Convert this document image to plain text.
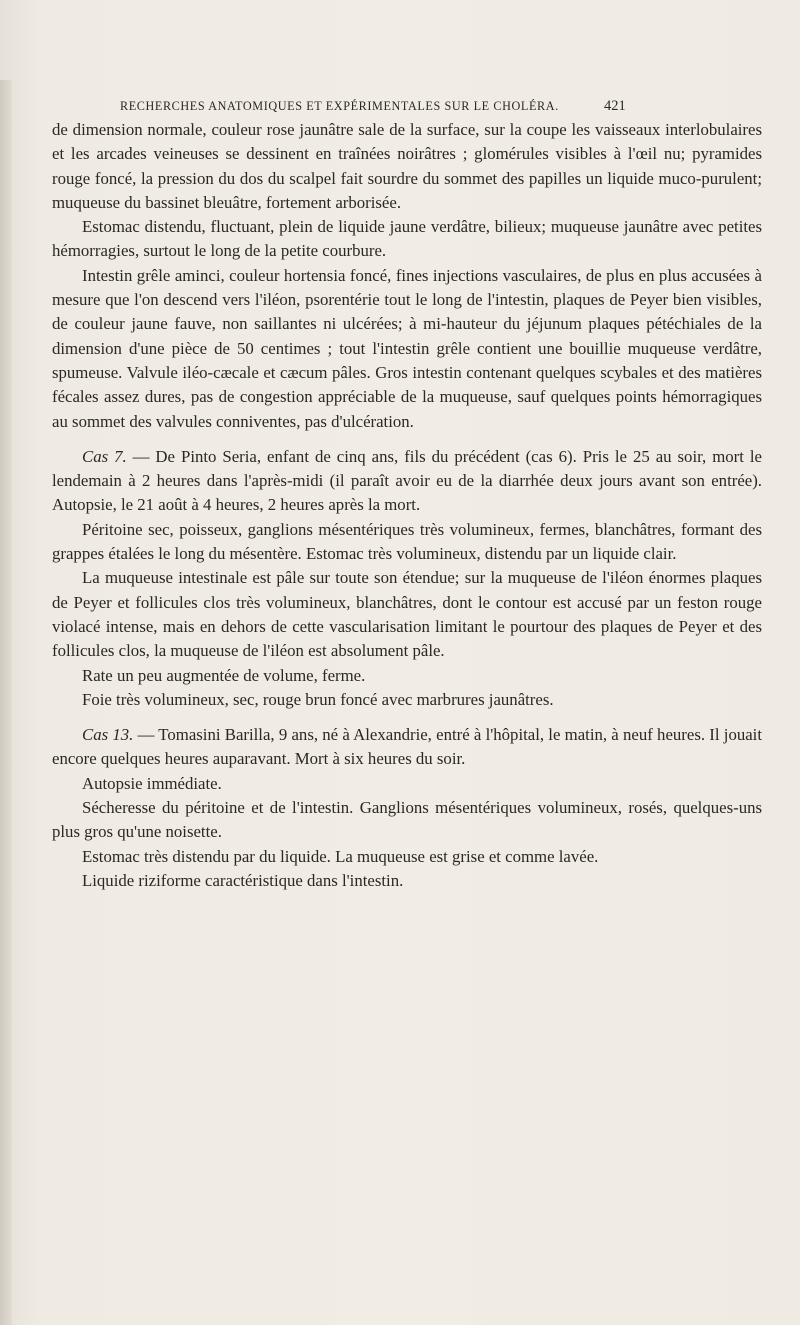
RECHERCHES ANATOMIQUES ET EXPÉRIMENTALES SUR LE CHOLÉRA.	421

de dimension normale, couleur rose jaunâtre sale de la surface, sur la coupe les vaisseaux interlobulaires et les arcades veineuses se dessinent en traînées noirâtres ; glomérules visibles à l'œil nu; pyramides rouge foncé, la pression du dos du scalpel fait sourdre du sommet des papilles un liquide muco-purulent; muqueuse du bassinet bleuâtre, fortement arborisée.

Estomac distendu, fluctuant, plein de liquide jaune verdâtre, bilieux; muqueuse jaunâtre avec petites hémorragies, surtout le long de la petite courbure.

Intestin grêle aminci, couleur hortensia foncé, fines injections vasculaires, de plus en plus accusées à mesure que l'on descend vers l'iléon, psorentérie tout le long de l'intestin, plaques de Peyer bien visibles, de couleur jaune fauve, non saillantes ni ulcérées; à mi-hauteur du jéjunum plaques pétéchiales de la dimension d'une pièce de 50 centimes ; tout l'intestin grêle contient une bouillie muqueuse verdâtre, spumeuse. Valvule iléo-cæcale et cæcum pâles. Gros intestin contenant quelques scybales et des matières fécales assez dures, pas de congestion appréciable de la muqueuse, sauf quelques points hémorragiques au sommet des valvules conniventes, pas d'ulcération.

Cas 7. — De Pinto Seria, enfant de cinq ans, fils du précédent (cas 6). Pris le 25 au soir, mort le lendemain à 2 heures dans l'après-midi (il paraît avoir eu de la diarrhée deux jours avant son entrée). Autopsie, le 21 août à 4 heures, 2 heures après la mort.

Péritoine sec, poisseux, ganglions mésentériques très volumineux, fermes, blanchâtres, formant des grappes étalées le long du mésentère. Estomac très volumineux, distendu par un liquide clair.

La muqueuse intestinale est pâle sur toute son étendue; sur la muqueuse de l'iléon énormes plaques de Peyer et follicules clos très volumineux, blanchâtres, dont le contour est accusé par un feston rouge violacé intense, mais en dehors de cette vascularisation limitant le pourtour des plaques de Peyer et des follicules clos, la muqueuse de l'iléon est absolument pâle.

Rate un peu augmentée de volume, ferme.

Foie très volumineux, sec, rouge brun foncé avec marbrures jaunâtres.

Cas 13. — Tomasini Barilla, 9 ans, né à Alexandrie, entré à l'hôpital, le matin, à neuf heures. Il jouait encore quelques heures auparavant. Mort à six heures du soir.

Autopsie immédiate.

Sécheresse du péritoine et de l'intestin. Ganglions mésentériques volumineux, rosés, quelques-uns plus gros qu'une noisette.

Estomac très distendu par du liquide. La muqueuse est grise et comme lavée.

Liquide riziforme caractéristique dans l'intestin.
